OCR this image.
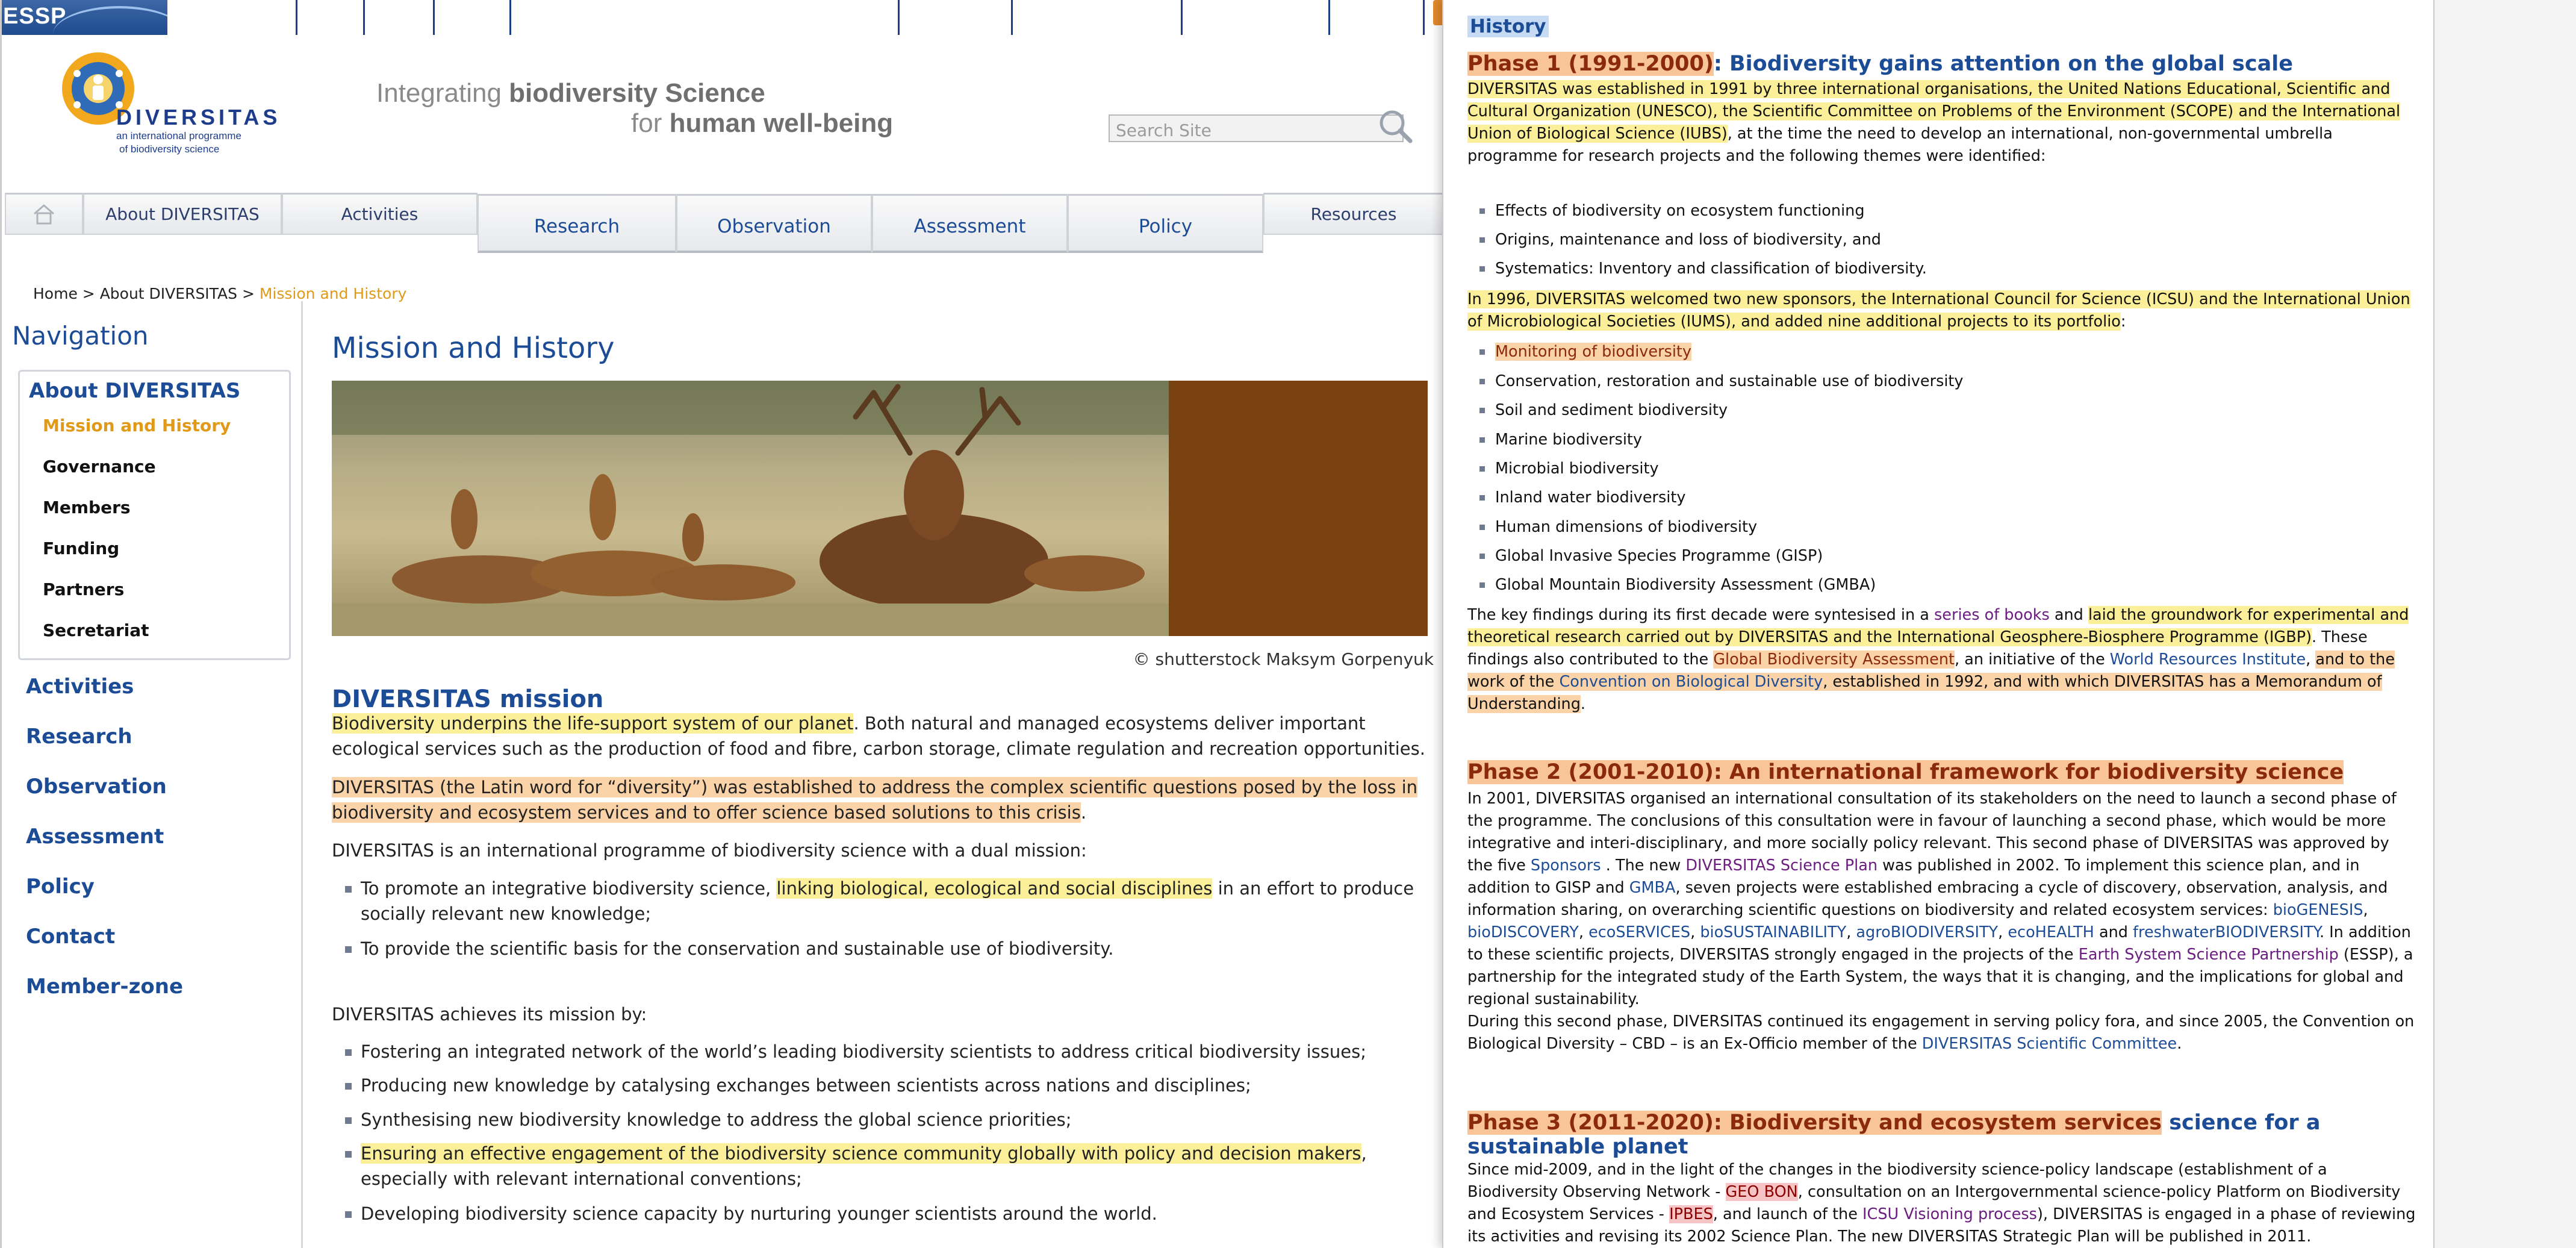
ESSP
DIVERSITAS
an international programme
of biodiversity science
Integrating biodiversity Science
for human well-being	Search Site
About DIVERSITAS	Activities
Research	Observation	Assessment	Policy
Resources
Home > About DIVERSITAS > Mission and History
Navigation
About DIVERSITAS
Mission and History
Governance
Members
Funding
Partners
Secretariat
Activities
Research
Observation
Assessment
Policy
Contact
Member-zone
Mission and History
© shutterstock Maksym Gorpenyuk
DIVERSITAS mission
Biodiversity underpins the life-support system of our planet. Both natural and managed ecosystems deliver important ecological services such as the production of food and fibre, carbon storage, climate regulation and recreation opportunities.
DIVERSITAS (the Latin word for “diversity”) was established to address the complex scientific questions posed by the loss in biodiversity and ecosystem services and to offer science based solutions to this crisis.
DIVERSITAS is an international programme of biodiversity science with a dual mission:
To promote an integrative biodiversity science, linking biological, ecological and social disciplines in an effort to produce socially relevant new knowledge;
To provide the scientific basis for the conservation and sustainable use of biodiversity.
DIVERSITAS achieves its mission by:
Fostering an integrated network of the world’s leading biodiversity scientists to address critical biodiversity issues;
Producing new knowledge by catalysing exchanges between scientists across nations and disciplines;
Synthesising new biodiversity knowledge to address the global science priorities;
Ensuring an effective engagement of the biodiversity science community globally with policy and decision makers, especially with relevant international conventions;
Developing biodiversity science capacity by nurturing younger scientists around the world.
History
Phase 1 (1991-2000): Biodiversity gains attention on the global scale
DIVERSITAS was established in 1991 by three international organisations, the United Nations Educational, Scientific and Cultural Organization (UNESCO), the Scientific Committee on Problems of the Environment (SCOPE) and the International Union of Biological Science (IUBS), at the time the need to develop an international, non-governmental umbrella programme for research projects and the following themes were identified:
Effects of biodiversity on ecosystem functioning
Origins, maintenance and loss of biodiversity, and
Systematics: Inventory and classification of biodiversity.
In 1996, DIVERSITAS welcomed two new sponsors, the International Council for Science (ICSU) and the International Union of Microbiological Societies (IUMS), and added nine additional projects to its portfolio:
Monitoring of biodiversity
Conservation, restoration and sustainable use of biodiversity
Soil and sediment biodiversity
Marine biodiversity
Microbial biodiversity
Inland water biodiversity
Human dimensions of biodiversity
Global Invasive Species Programme (GISP)
Global Mountain Biodiversity Assessment (GMBA)
The key findings during its first decade were syntesised in a series of books and laid the groundwork for experimental and theoretical research carried out by DIVERSITAS and the International Geosphere-Biosphere Programme (IGBP). These findings also contributed to the Global Biodiversity Assessment, an initiative of the World Resources Institute, and to the work of the Convention on Biological Diversity, established in 1992, and with which DIVERSITAS has a Memorandum of Understanding.
Phase 2 (2001-2010): An international framework for biodiversity science
In 2001, DIVERSITAS organised an international consultation of its stakeholders on the need to launch a second phase of the programme. The conclusions of this consultation were in favour of launching a second phase, which would be more integrative and interi-disciplinary, and more socially policy relevant. This second phase of DIVERSITAS was approved by the five Sponsors . The new DIVERSITAS Science Plan was published in 2002. To implement this science plan, and in addition to GISP and GMBA, seven projects were established embracing a cycle of discovery, observation, analysis, and information sharing, on overarching scientific questions on biodiversity and related ecosystem services: bioGENESIS, bioDISCOVERY, ecoSERVICES, bioSUSTAINABILITY, agroBIODIVERSITY, ecoHEALTH and freshwaterBIODIVERSITY. In addition to these scientific projects, DIVERSITAS strongly engaged in the projects of the Earth System Science Partnership (ESSP), a partnership for the integrated study of the Earth System, the ways that it is changing, and the implications for global and regional sustainability.
During this second phase, DIVERSITAS continued its engagement in serving policy fora, and since 2005, the Convention on Biological Diversity – CBD – is an Ex-Officio member of the DIVERSITAS Scientific Committee.
Phase 3 (2011-2020): Biodiversity and ecosystem services science for a sustainable planet
Since mid-2009, and in the light of the changes in the biodiversity science-policy landscape (establishment of a Biodiversity Observing Network - GEO BON, consultation on an Intergovernmental science-policy Platform on Biodiversity and Ecosystem Services - IPBES, and launch of the ICSU Visioning process), DIVERSITAS is engaged in a phase of reviewing its activities and revising its 2002 Science Plan. The new DIVERSITAS Strategic Plan will be published in 2011.
